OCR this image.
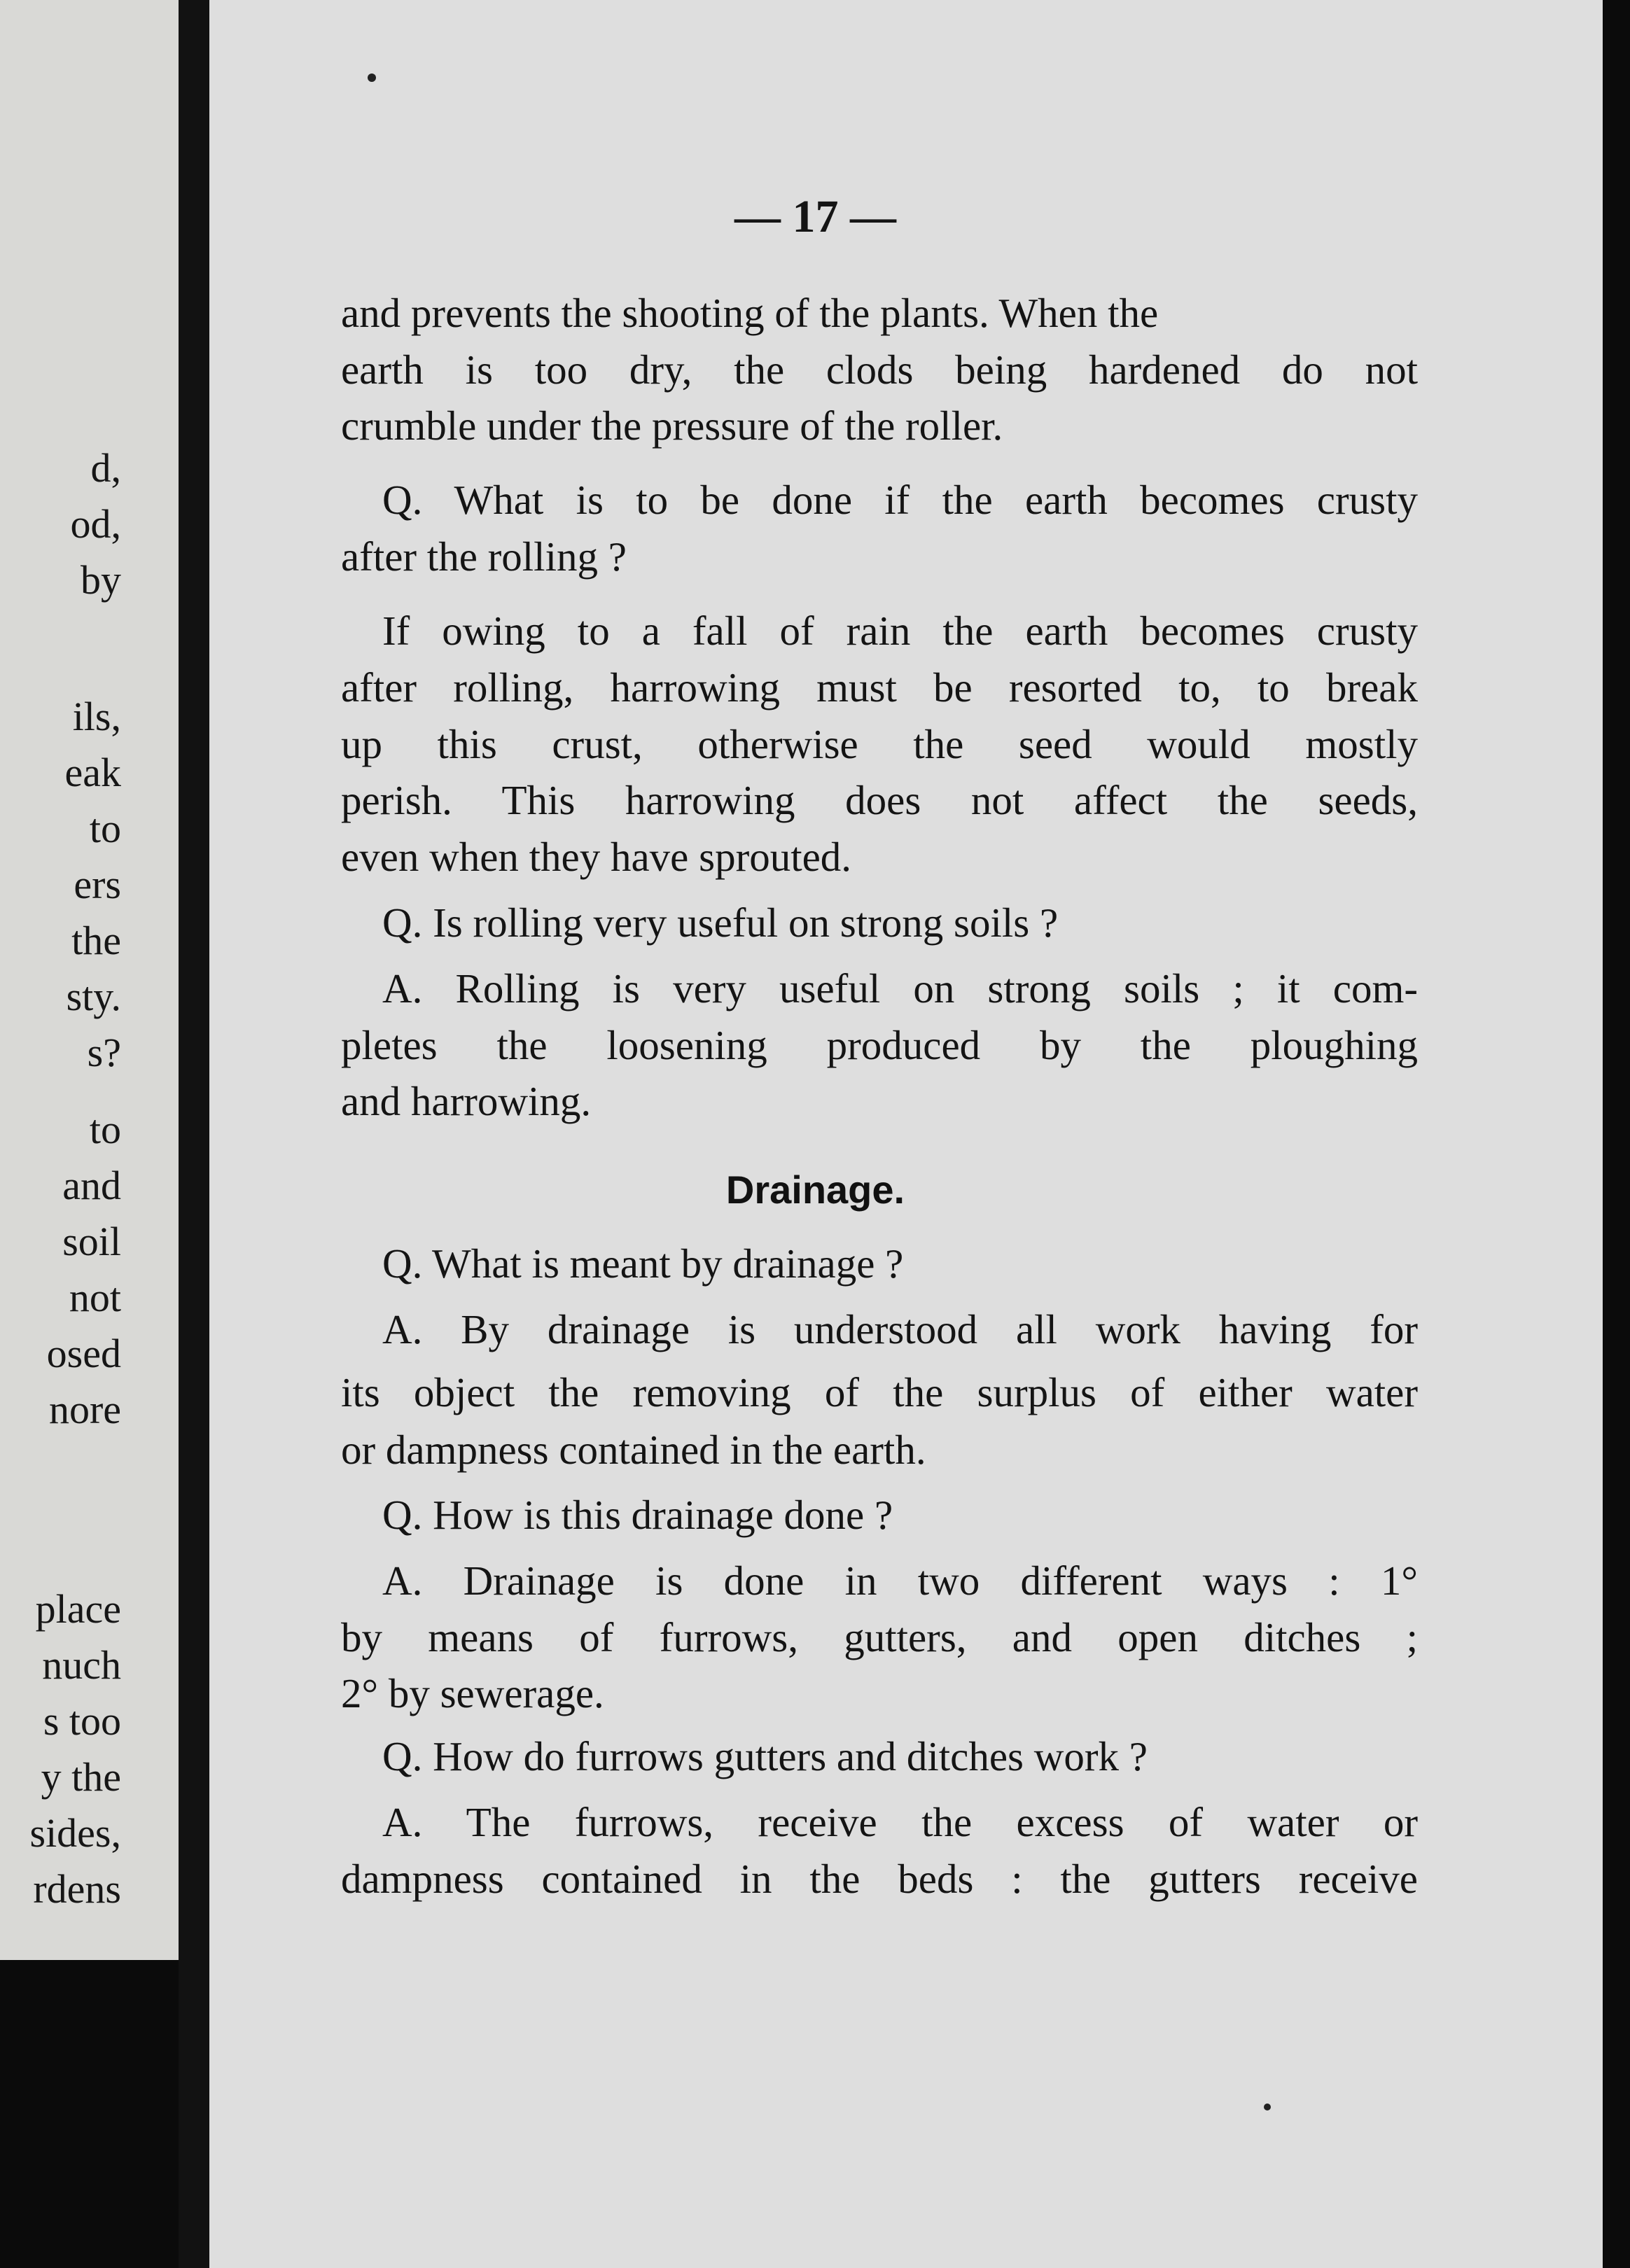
d,
od,
by
ils,
eak
to
ers
the
sty.
s?
to
and
soil
not
osed
nore
place
nuch
s too
y the
sides,
rdens
— 17 —
and prevents the shooting of the plants. When the
earth is too dry, the clods being hardened do not
crumble under the pressure of the roller.
Q. What is to be done if the earth becomes crusty
after the rolling ?
If owing to a fall of rain the earth becomes crusty
after rolling, harrowing must be resorted to, to break
up this crust, otherwise the seed would mostly
perish. This harrowing does not affect the seeds,
even when they have sprouted.
Q. Is rolling very useful on strong soils ?
A. Rolling is very useful on strong soils ; it com-
pletes the loosening produced by the ploughing
and harrowing.
Drainage.
Q. What is meant by drainage ?
A. By drainage is understood all work having for
its object the removing of the surplus of either water
or dampness contained in the earth.
Q. How is this drainage done ?
A. Drainage is done in two different ways : 1°
by means of furrows, gutters, and open ditches ;
2° by sewerage.
Q. How do furrows gutters and ditches work ?
A. The furrows, receive the excess of water or
dampness contained in the beds : the gutters receive
